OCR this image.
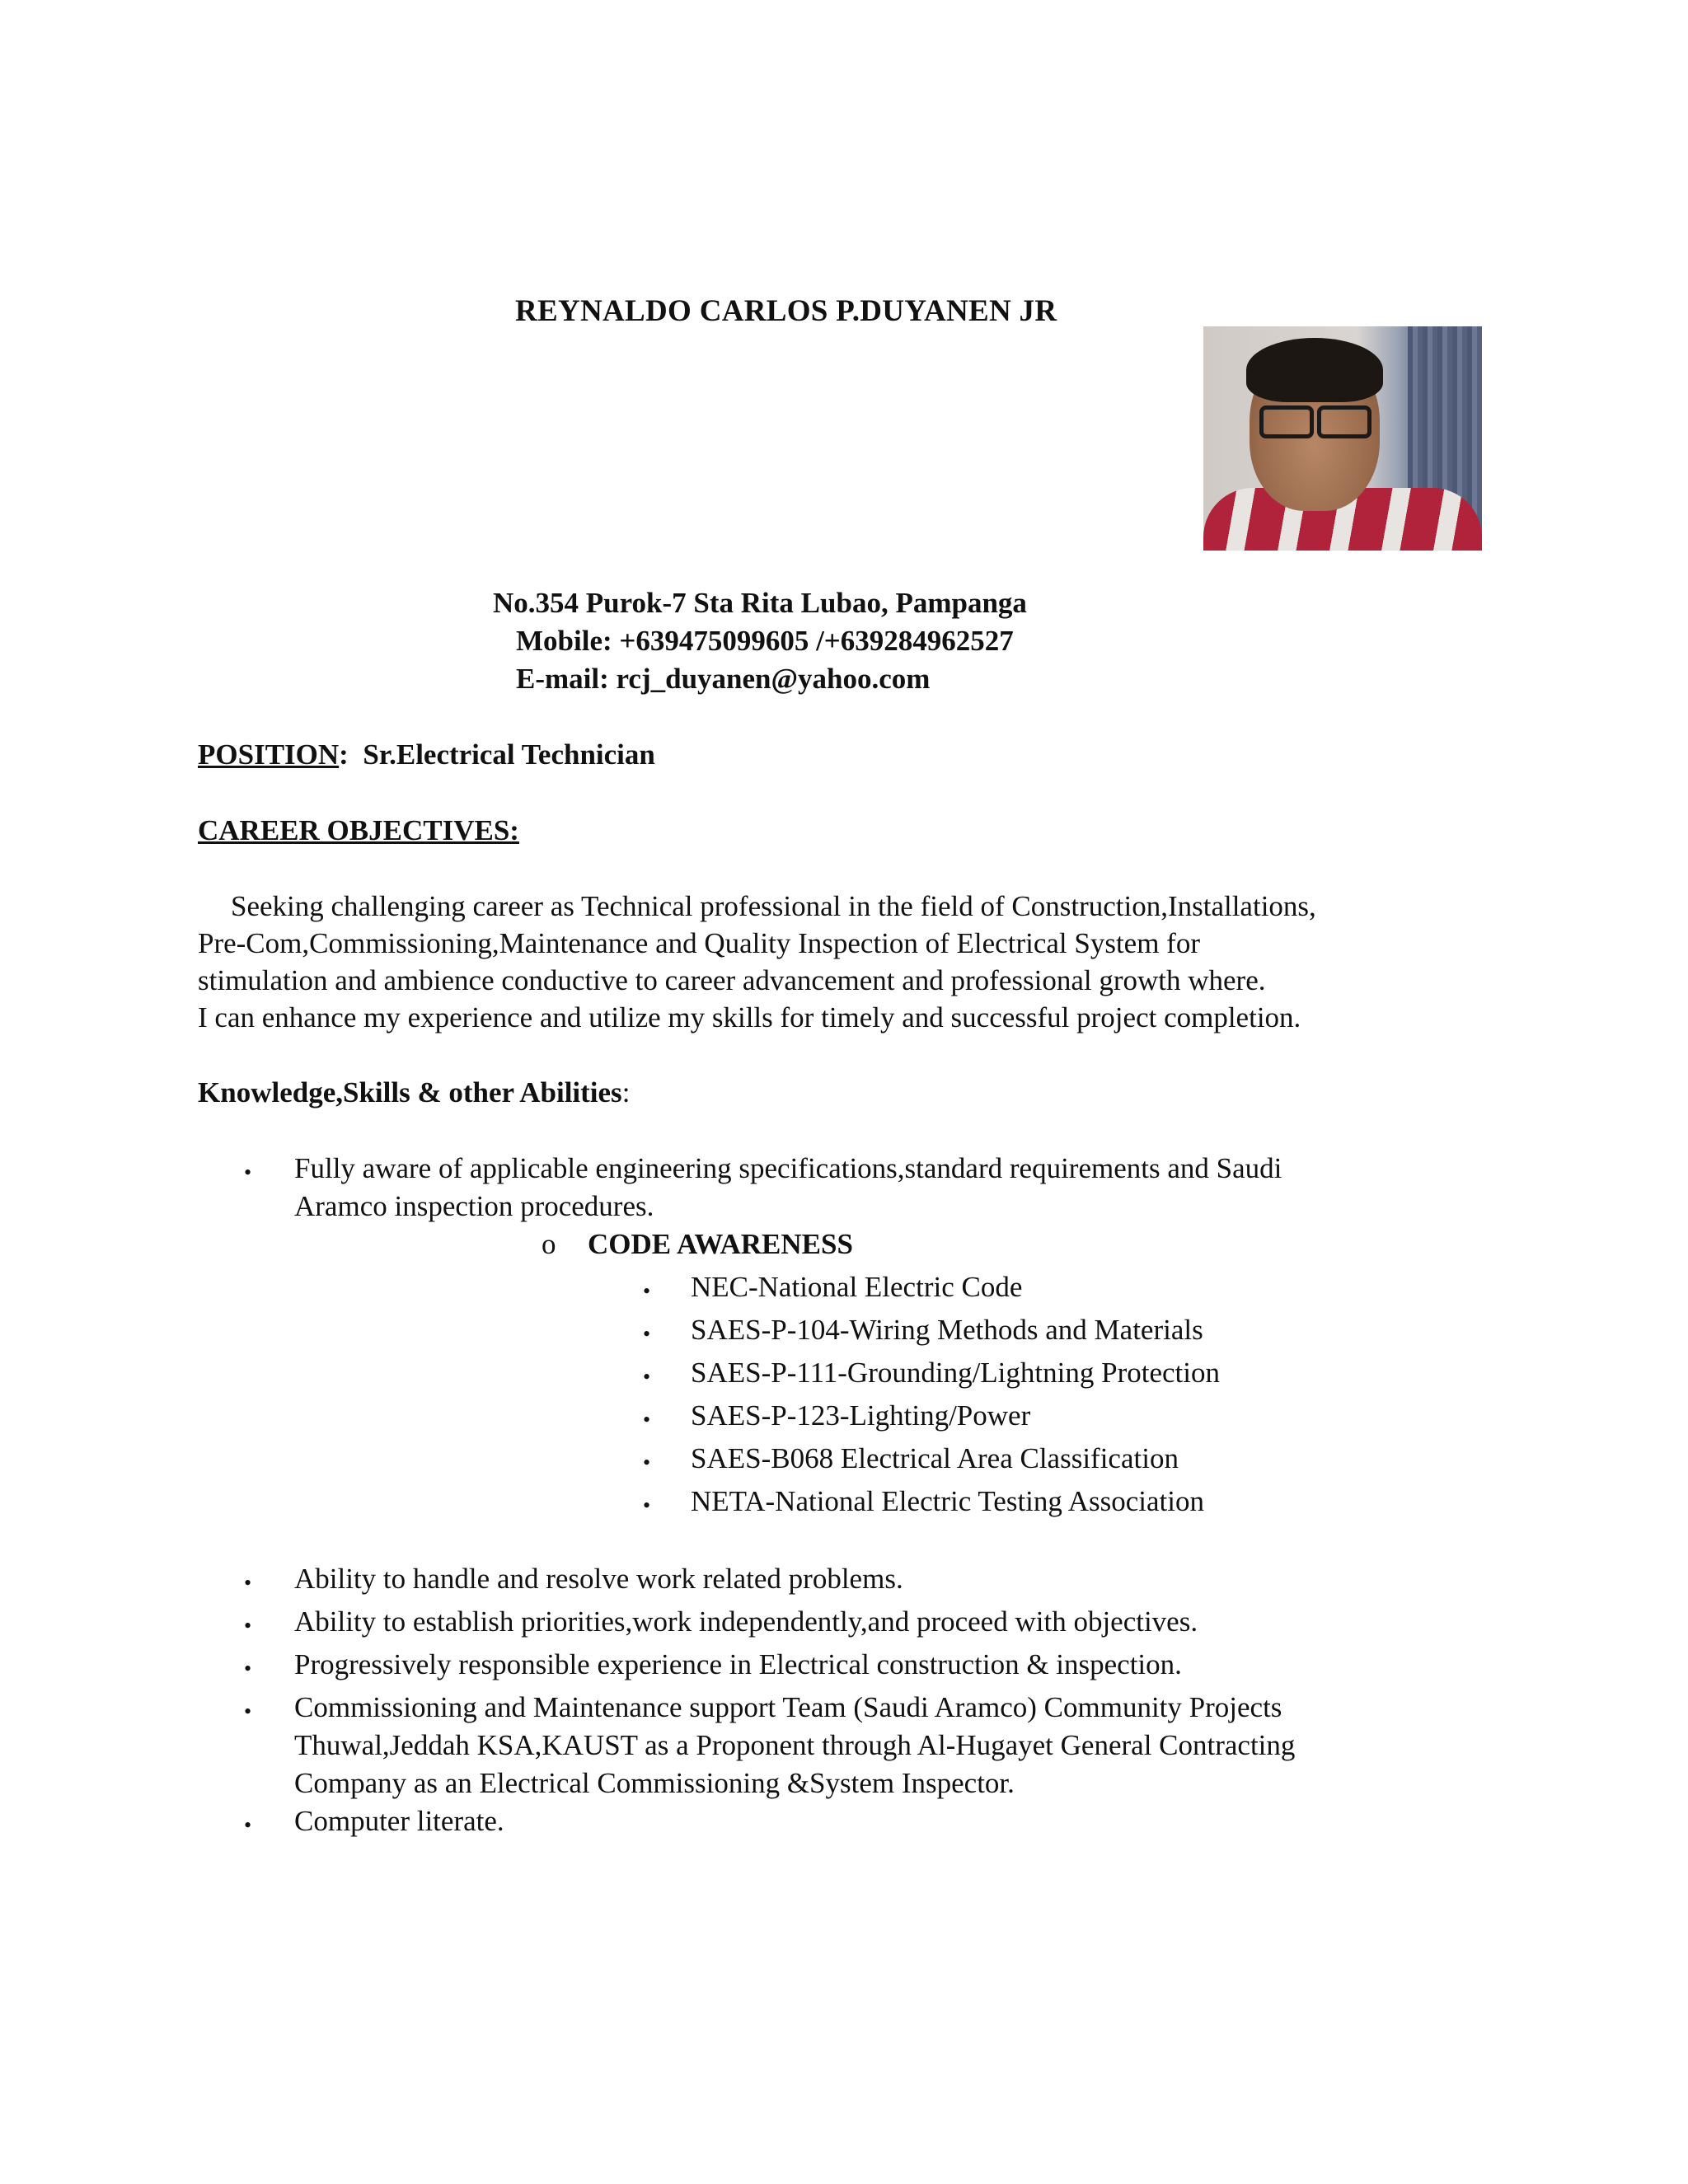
REYNALDO CARLOS P.DUYANEN JR
No.354 Purok-7 Sta Rita Lubao, Pampanga
Mobile: +639475099605 /+639284962527
E-mail: rcj_duyanen@yahoo.com
POSITION: Sr.Electrical Technician
CAREER OBJECTIVES:
Seeking challenging career as Technical professional in the field of Construction,Installations,
Pre-Com,Commissioning,Maintenance and Quality Inspection of Electrical System for
stimulation and ambience conductive to career advancement and professional growth where.
I can enhance my experience and utilize my skills for timely and successful project completion.
Knowledge,Skills & other Abilities:
• Fully aware of applicable engineering specifications,standard requirements and Saudi
Aramco inspection procedures.
o CODE AWARENESS
• NEC-National Electric Code
• SAES-P-104-Wiring Methods and Materials
• SAES-P-111-Grounding/Lightning Protection
• SAES-P-123-Lighting/Power
• SAES-B068 Electrical Area Classification
• NETA-National Electric Testing Association
• Ability to handle and resolve work related problems.
• Ability to establish priorities,work independently,and proceed with objectives.
• Progressively responsible experience in Electrical construction & inspection.
• Commissioning and Maintenance support Team (Saudi Aramco) Community Projects
Thuwal,Jeddah KSA,KAUST as a Proponent through Al-Hugayet General Contracting
Company as an Electrical Commissioning &System Inspector.
• Computer literate.
